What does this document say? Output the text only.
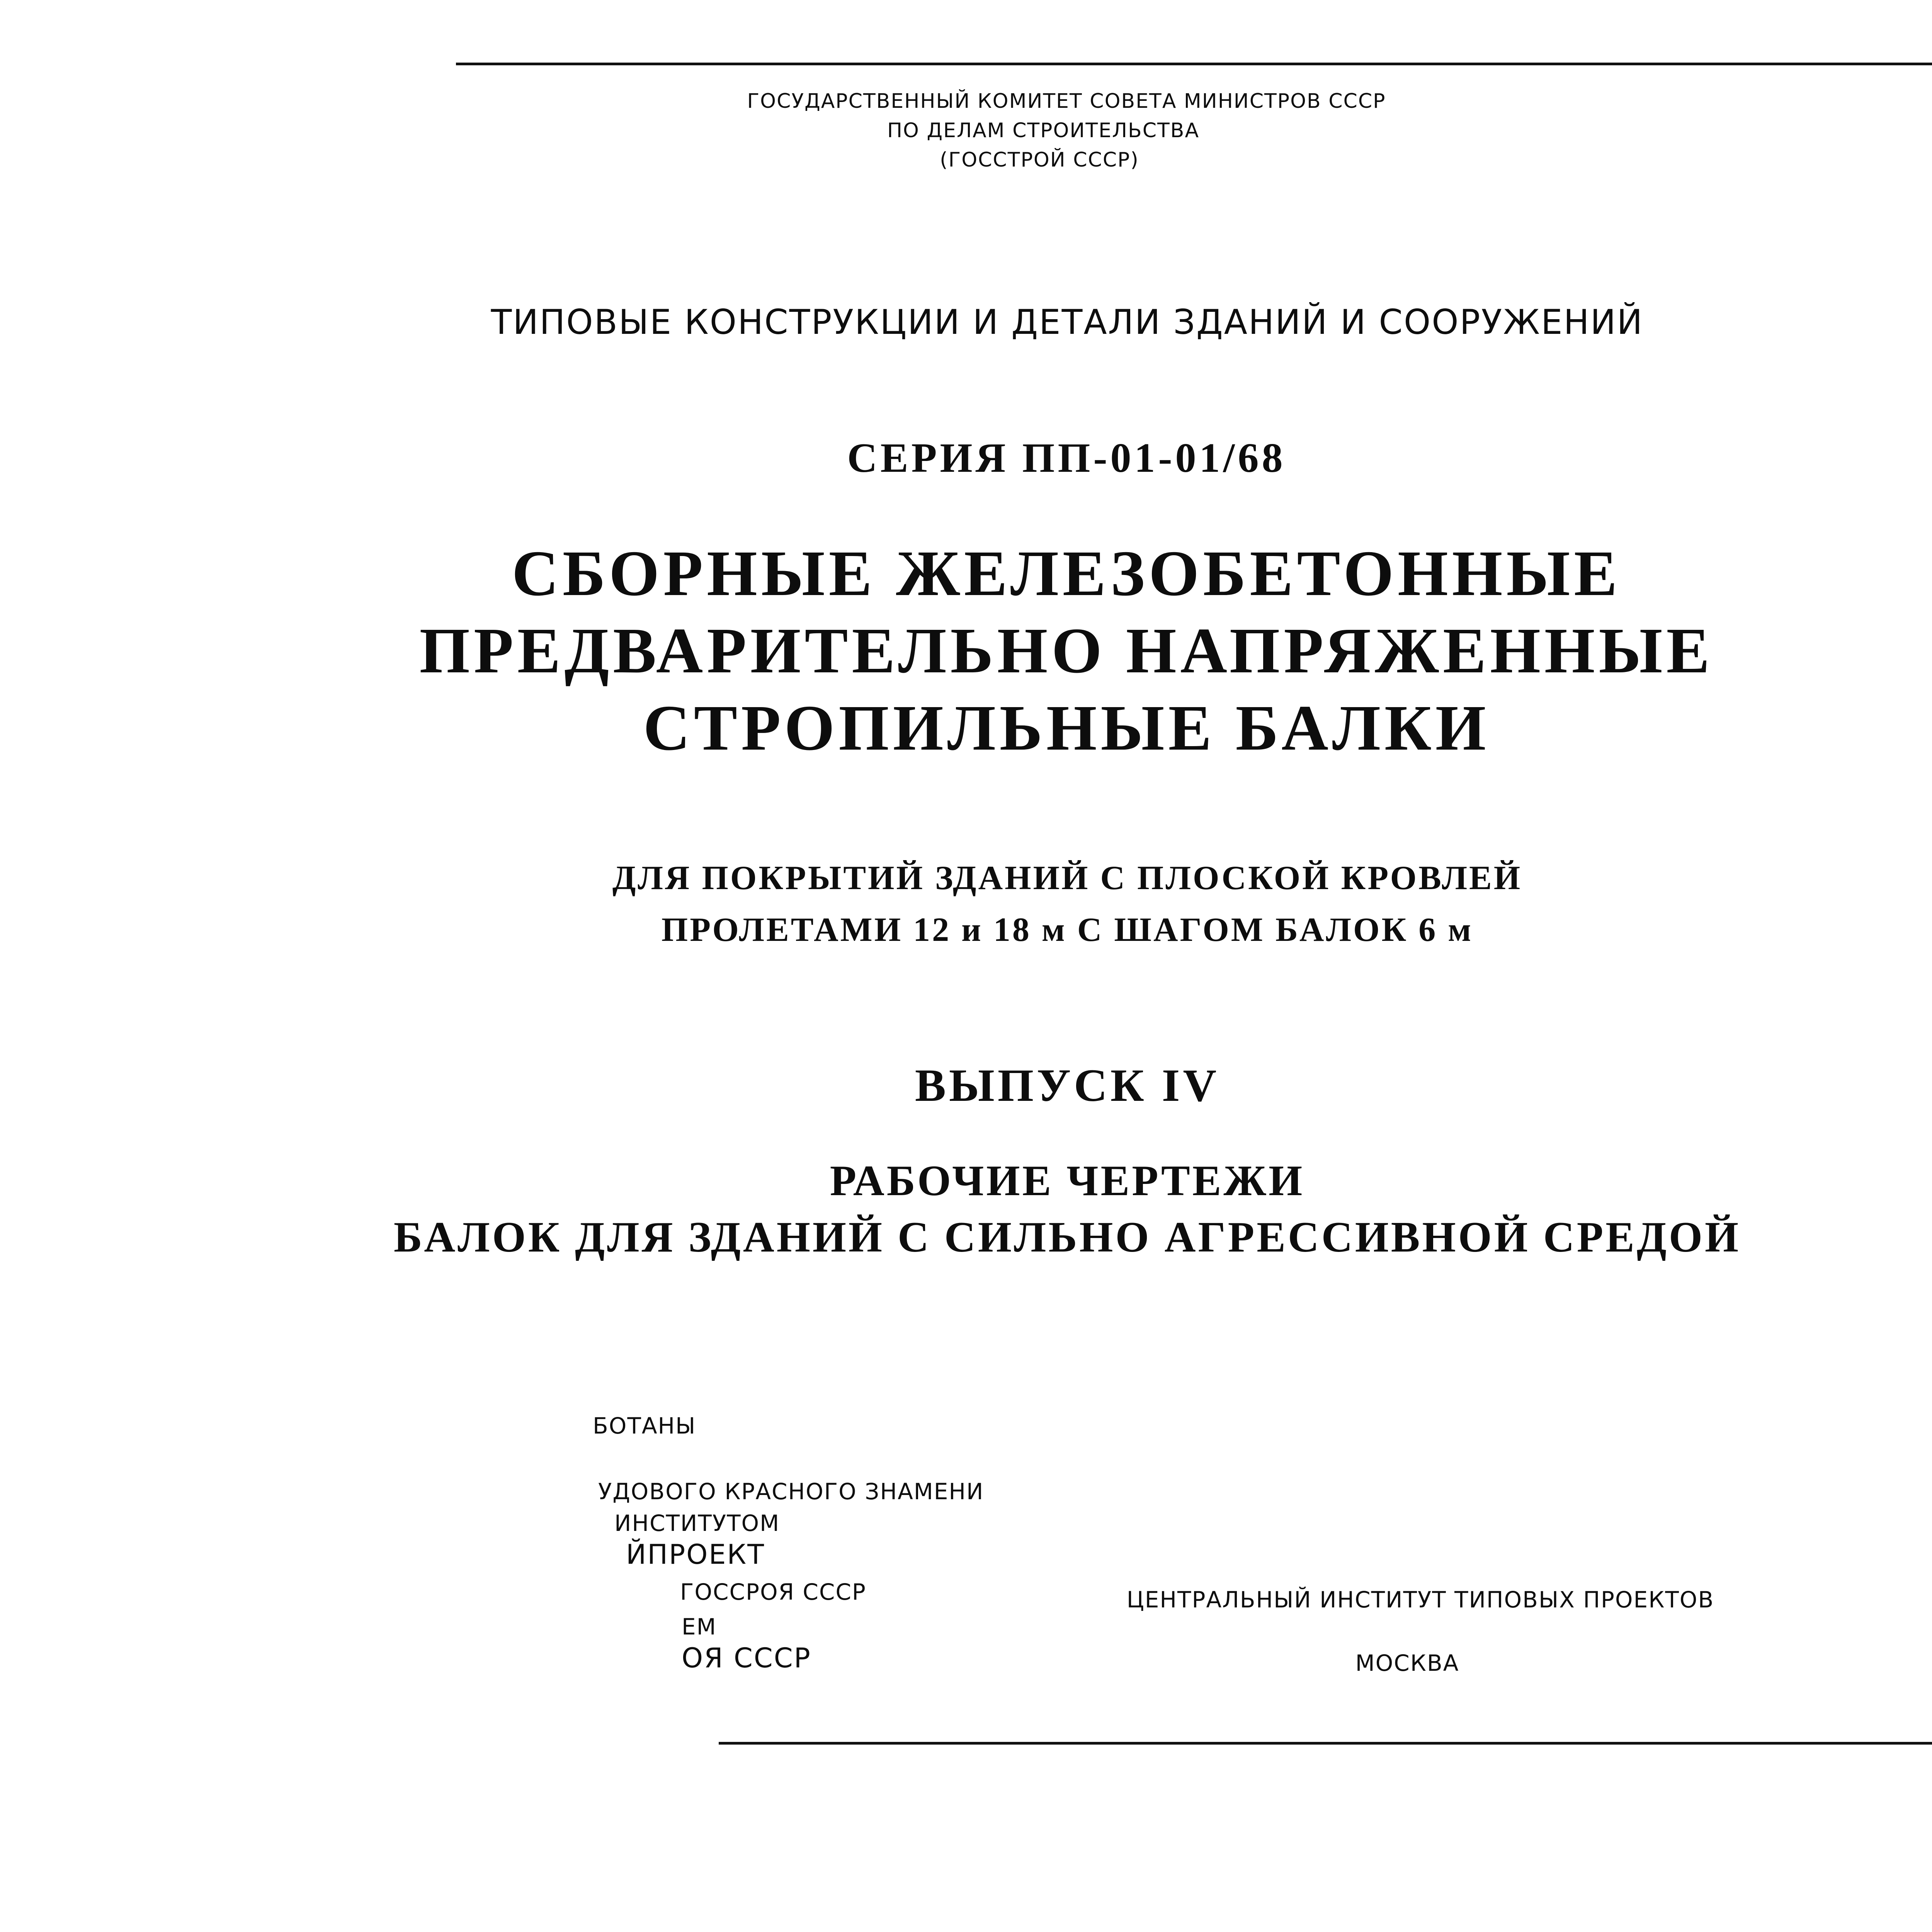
ГОСУДАРСТВЕННЫЙ КОМИТЕТ СОВЕТА МИНИСТРОВ СССР
ПО ДЕЛАМ СТРОИТЕЛЬСТВА
(ГОССТРОЙ СССР)
ТИПОВЫЕ КОНСТРУКЦИИ И ДЕТАЛИ ЗДАНИЙ И СООРУЖЕНИЙ
СЕРИЯ ПП-01-01/68
СБОРНЫЕ ЖЕЛЕЗОБЕТОННЫЕ
ПРЕДВАРИТЕЛЬНО НАПРЯЖЕННЫЕ
СТРОПИЛЬНЫЕ БАЛКИ
ДЛЯ ПОКРЫТИЙ ЗДАНИЙ С ПЛОСКОЙ КРОВЛЕЙ
ПРОЛЕТАМИ 12 и 18 м С ШАГОМ БАЛОК 6 м
ВЫПУСК IV
РАБОЧИЕ ЧЕРТЕЖИ
БАЛОК ДЛЯ ЗДАНИЙ С СИЛЬНО АГРЕССИВНОЙ СРЕДОЙ
БОТАНЫ
УДОВОГО КРАСНОГО ЗНАМЕНИ
ИНСТИТУТОМ
ЙПРОЕКТ
ГОССРОЯ СССР
ЕМ
ОЯ СССР
ЦЕНТРАЛЬНЫЙ ИНСТИТУТ ТИПОВЫХ ПРОЕКТОВ
МОСКВА
